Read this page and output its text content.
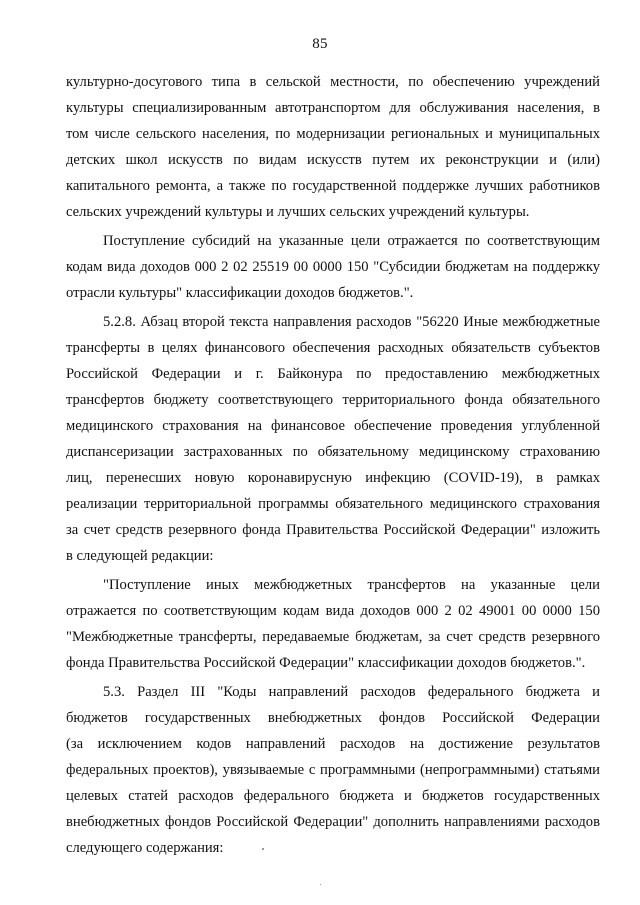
85
культурно-досугового типа в сельской местности, по обеспечению учреждений
культуры специализированным автотранспортом для обслуживания населения, в
том числе сельского населения, по модернизации региональных и муниципальных
детских школ искусств по видам искусств путем их реконструкции и (или)
капитального ремонта, а также по государственной поддержке лучших работников
сельских учреждений культуры и лучших сельских учреждений культуры.
Поступление субсидий на указанные цели отражается по соответствующим
кодам вида доходов 000 2 02 25519 00 0000 150 "Субсидии бюджетам на поддержку
отрасли культуры" классификации доходов бюджетов.".
5.2.8. Абзац второй текста направления расходов "56220 Иные межбюджетные
трансферты в целях финансового обеспечения расходных обязательств субъектов
Российской Федерации и г. Байконура по предоставлению межбюджетных
трансфертов бюджету соответствующего территориального фонда обязательного
медицинского страхования на финансовое обеспечение проведения углубленной
диспансеризации застрахованных по обязательному медицинскому страхованию
лиц, перенесших новую коронавирусную инфекцию (COVID-19), в рамках
реализации территориальной программы обязательного медицинского страхования
за счет средств резервного фонда Правительства Российской Федерации" изложить
в следующей редакции:
"Поступление иных межбюджетных трансфертов на указанные цели
отражается по соответствующим кодам вида доходов 000 2 02 49001 00 0000 150
"Межбюджетные трансферты, передаваемые бюджетам, за счет средств резервного
фонда Правительства Российской Федерации" классификации доходов бюджетов.".
5.3. Раздел III "Коды направлений расходов федерального бюджета и
бюджетов государственных внебюджетных фондов Российской Федерации
(за исключением кодов направлений расходов на достижение результатов
федеральных проектов), увязываемые с программными (непрограммными) статьями
целевых статей расходов федерального бюджета и бюджетов государственных
внебюджетных фондов Российской Федерации" дополнить направлениями расходов
следующего содержания:
